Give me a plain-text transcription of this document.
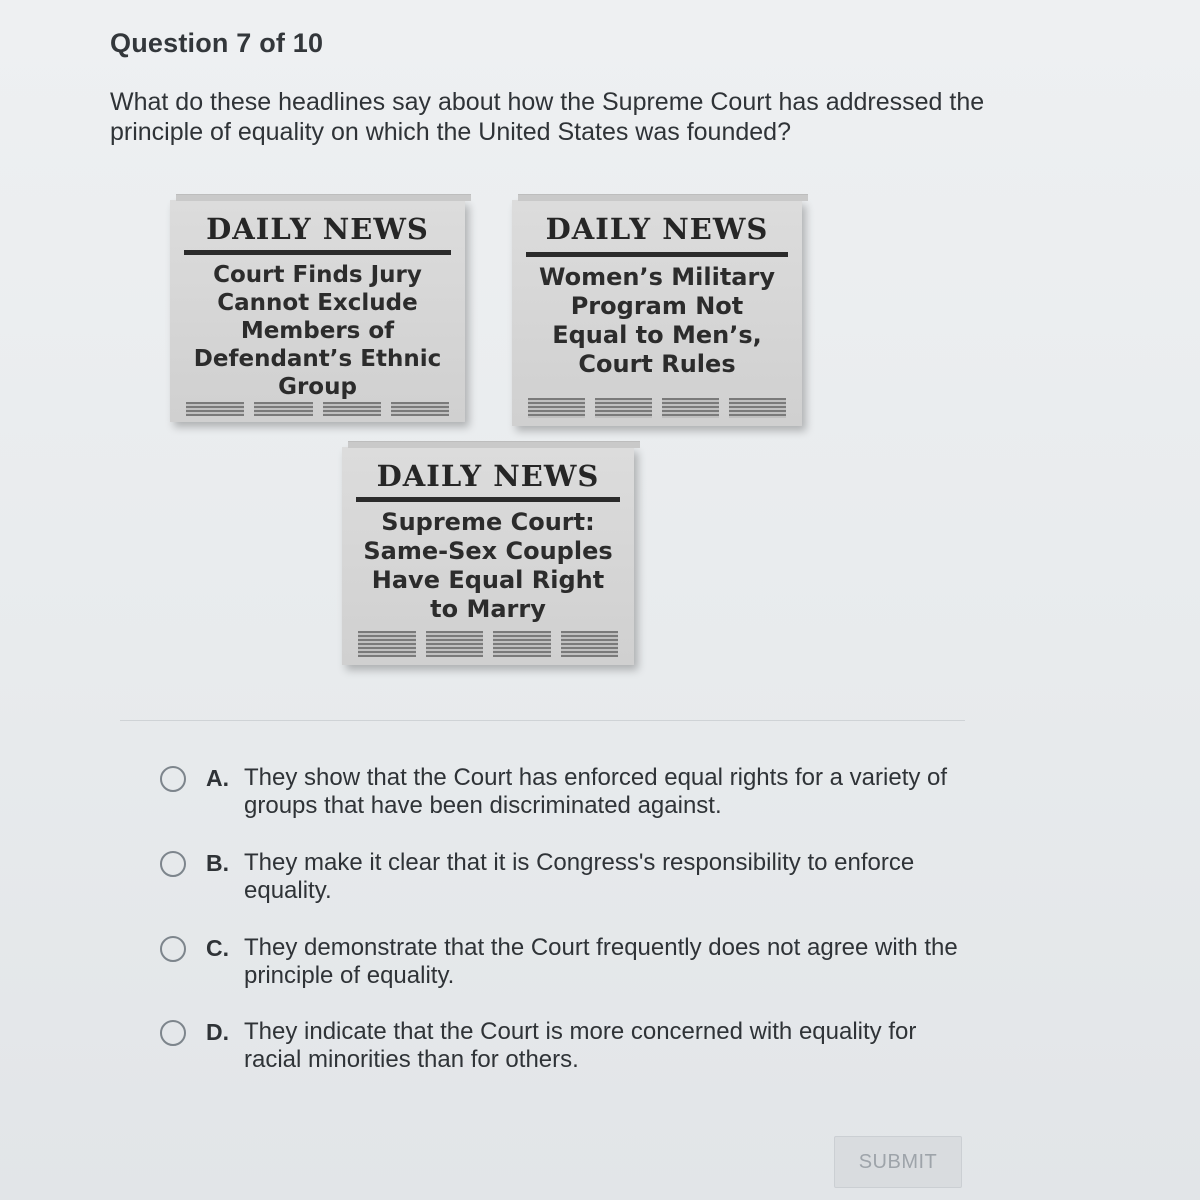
Question 7 of 10
What do these headlines say about how the Supreme Court has addressed the principle of equality on which the United States was founded?
DAILY NEWS
Court Finds Jury Cannot Exclude Members of Defendant’s Ethnic Group
DAILY NEWS
Women’s Military Program Not Equal to Men’s, Court Rules
DAILY NEWS
Supreme Court: Same-Sex Couples Have Equal Right to Marry
A. They show that the Court has enforced equal rights for a variety of groups that have been discriminated against.
B. They make it clear that it is Congress's responsibility to enforce equality.
C. They demonstrate that the Court frequently does not agree with the principle of equality.
D. They indicate that the Court is more concerned with equality for racial minorities than for others.
SUBMIT
